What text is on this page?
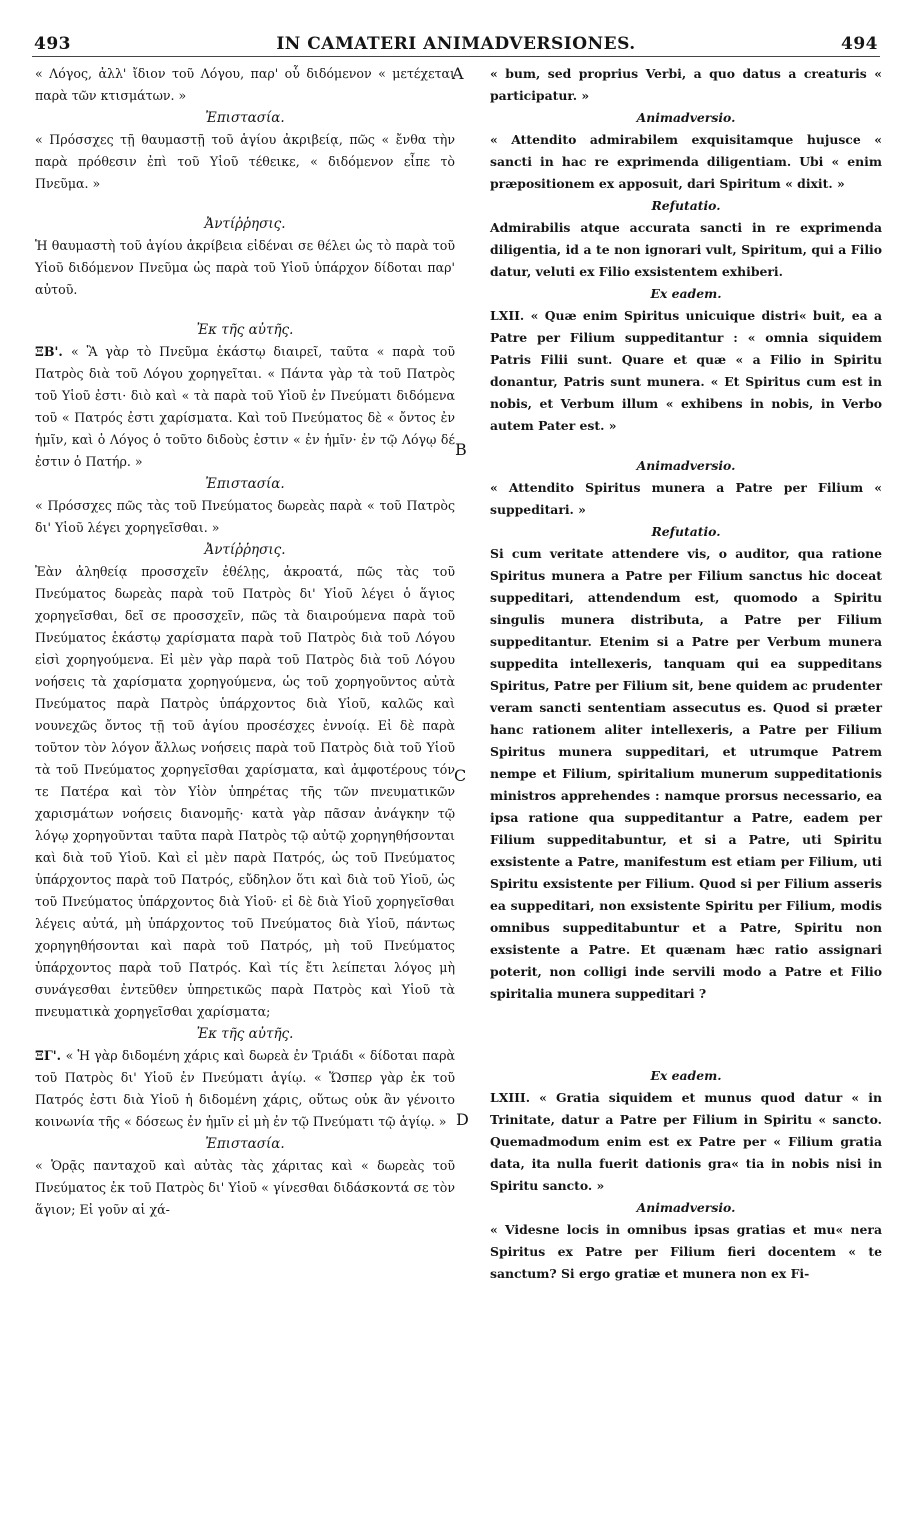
493	IN CAMATERI ANIMADVERSIONES.	494
A
B
C
D

« Λόγος, ἀλλ' ἴδιον τοῦ Λόγου, παρ' οὗ διδόμενον « μετέχεται παρὰ τῶν κτισμάτων. »

Ἐπιστασία.

« Πρόσσχες τῇ θαυμαστῇ τοῦ ἁγίου ἀκριβείᾳ, πῶς « ἔνθα τὴν παρὰ πρόθεσιν ἐπὶ τοῦ Υἱοῦ τέθεικε, « διδόμενον εἶπε τὸ Πνεῦμα. »

Ἀντίῤῥησις.

Ἡ θαυμαστὴ τοῦ ἁγίου ἀκρίβεια εἰδέναι σε θέλει ὡς τὸ παρὰ τοῦ Υἱοῦ διδόμενον Πνεῦμα ὡς παρὰ τοῦ Υἱοῦ ὑπάρχον δίδοται παρ' αὐτοῦ.

Ἐκ τῆς αὐτῆς.

ΞΒ'. « Ἃ γὰρ τὸ Πνεῦμα ἑκάστῳ διαιρεῖ, ταῦτα « παρὰ τοῦ Πατρὸς διὰ τοῦ Λόγου χορηγεῖται. « Πάντα γὰρ τὰ τοῦ Πατρὸς τοῦ Υἱοῦ ἐστι· διὸ καὶ « τὰ παρὰ τοῦ Υἱοῦ ἐν Πνεύματι διδόμενα τοῦ « Πατρός ἐστι χαρίσματα. Καὶ τοῦ Πνεύματος δὲ « ὄντος ἐν ἡμῖν, καὶ ὁ Λόγος ὁ τοῦτο διδοὺς ἐστιν « ἐν ἡμῖν· ἐν τῷ Λόγῳ δέ ἐστιν ὁ Πατήρ. »

Ἐπιστασία.

« Πρόσσχες πῶς τὰς τοῦ Πνεύματος δωρεὰς παρὰ « τοῦ Πατρὸς δι' Υἱοῦ λέγει χορηγεῖσθαι. »

Ἀντίῤῥησις.

Ἐὰν ἀληθείᾳ προσσχεῖν ἐθέλῃς, ἀκροατά, πῶς τὰς τοῦ Πνεύματος δωρεὰς παρὰ τοῦ Πατρὸς δι' Υἱοῦ λέγει ὁ ἅγιος χορηγεῖσθαι, δεῖ σε προσσχεῖν, πῶς τὰ διαιρούμενα παρὰ τοῦ Πνεύματος ἑκάστῳ χαρίσματα παρὰ τοῦ Πατρὸς διὰ τοῦ Λόγου εἰσὶ χορηγούμενα. Εἰ μὲν γὰρ παρὰ τοῦ Πατρὸς διὰ τοῦ Λόγου νοήσεις τὰ χαρίσματα χορηγούμενα, ὡς τοῦ χορηγοῦντος αὐτὰ Πνεύματος παρὰ Πατρὸς ὑπάρχοντος διὰ Υἱοῦ, καλῶς καὶ νουνεχῶς ὄντος τῇ τοῦ ἁγίου προσέσχες ἐννοίᾳ. Εἰ δὲ παρὰ τοῦτον τὸν λόγον ἄλλως νοήσεις παρὰ τοῦ Πατρὸς διὰ τοῦ Υἱοῦ τὰ τοῦ Πνεύματος χορηγεῖσθαι χαρίσματα, καὶ ἀμφοτέρους τόν τε Πατέρα καὶ τὸν Υἱὸν ὑπηρέτας τῆς τῶν πνευματικῶν χαρισμάτων νοήσεις διανομῆς· κατὰ γὰρ πᾶσαν ἀνάγκην τῷ λόγῳ χορηγοῦνται ταῦτα παρὰ Πατρὸς τῷ αὐτῷ χορηγηθήσονται καὶ διὰ τοῦ Υἱοῦ. Καὶ εἰ μὲν παρὰ Πατρός, ὡς τοῦ Πνεύματος ὑπάρχοντος παρὰ τοῦ Πατρός, εὔδηλον ὅτι καὶ διὰ τοῦ Υἱοῦ, ὡς τοῦ Πνεύματος ὑπάρχοντος διὰ Υἱοῦ· εἰ δὲ διὰ Υἱοῦ χορηγεῖσθαι λέγεις αὐτά, μὴ ὑπάρχοντος τοῦ Πνεύματος διὰ Υἱοῦ, πάντως χορηγηθήσονται καὶ παρὰ τοῦ Πατρός, μὴ τοῦ Πνεύματος ὑπάρχοντος παρὰ τοῦ Πατρός. Καὶ τίς ἔτι λείπεται λόγος μὴ συνάγεσθαι ἐντεῦθεν ὑπηρετικῶς παρὰ Πατρὸς καὶ Υἱοῦ τὰ πνευματικὰ χορηγεῖσθαι χαρίσματα;

Ἐκ τῆς αὐτῆς.

ΞΓ'. « Ἡ γὰρ διδομένη χάρις καὶ δωρεὰ ἐν Τριάδι « δίδοται παρὰ τοῦ Πατρὸς δι' Υἱοῦ ἐν Πνεύματι ἁγίῳ. « Ὥσπερ γὰρ ἐκ τοῦ Πατρός ἐστι διὰ Υἱοῦ ἡ διδομένη χάρις, οὕτως οὐκ ἂν γένοιτο κοινωνία τῆς « δόσεως ἐν ἡμῖν εἰ μὴ ἐν τῷ Πνεύματι τῷ ἁγίῳ. »

Ἐπιστασία.

« Ὁρᾷς πανταχοῦ καὶ αὐτὰς τὰς χάριτας καὶ « δωρεὰς τοῦ Πνεύματος ἐκ τοῦ Πατρὸς δι' Υἱοῦ « γίνεσθαι διδάσκοντά σε τὸν ἅγιον; Εἰ γοῦν αἱ χά-

« bum, sed proprius Verbi, a quo datus a creaturis « participatur. »

Animadversio.

« Attendito admirabilem exquisitamque hujusce « sancti in hac re exprimenda diligentiam. Ubi « enim præpositionem ex apposuit, dari Spiritum « dixit. »

Refutatio.

Admirabilis atque accurata sancti in re exprimenda diligentia, id a te non ignorari vult, Spiritum, qui a Filio datur, veluti ex Filio exsistentem exhiberi.

Ex eadem.

LXII. « Quæ enim Spiritus unicuique distri« buit, ea a Patre per Filium suppeditantur : « omnia siquidem Patris Filii sunt. Quare et quæ « a Filio in Spiritu donantur, Patris sunt munera. « Et Spiritus cum est in nobis, et Verbum illum « exhibens in nobis, in Verbo autem Pater est. »

Animadversio.

« Attendito Spiritus munera a Patre per Filium « suppeditari. »

Refutatio.

Si cum veritate attendere vis, o auditor, qua ratione Spiritus munera a Patre per Filium sanctus hic doceat suppeditari, attendendum est, quomodo a Spiritu singulis munera distributa, a Patre per Filium suppeditantur. Etenim si a Patre per Verbum munera suppedita intellexeris, tanquam qui ea suppeditans Spiritus, Patre per Filium sit, bene quidem ac prudenter veram sancti sententiam assecutus es. Quod si præter hanc rationem aliter intellexeris, a Patre per Filium Spiritus munera suppeditari, et utrumque Patrem nempe et Filium, spiritalium munerum suppeditationis ministros apprehendes : namque prorsus necessario, ea ipsa ratione qua suppeditantur a Patre, eadem per Filium suppeditabuntur, et si a Patre, uti Spiritu exsistente a Patre, manifestum est etiam per Filium, uti Spiritu exsistente per Filium. Quod si per Filium asseris ea suppeditari, non exsistente Spiritu per Filium, modis omnibus suppeditabuntur et a Patre, Spiritu non exsistente a Patre. Et quænam hæc ratio assignari poterit, non colligi inde servili modo a Patre et Filio spiritalia munera suppeditari ?

Ex eadem.

LXIII. « Gratia siquidem et munus quod datur « in Trinitate, datur a Patre per Filium in Spiritu « sancto. Quemadmodum enim est ex Patre per « Filium gratia data, ita nulla fuerit dationis gra« tia in nobis nisi in Spiritu sancto. »

Animadversio.

« Videsne locis in omnibus ipsas gratias et mu« nera Spiritus ex Patre per Filium fieri docentem « te sanctum? Si ergo gratiæ et munera non ex Fi-
